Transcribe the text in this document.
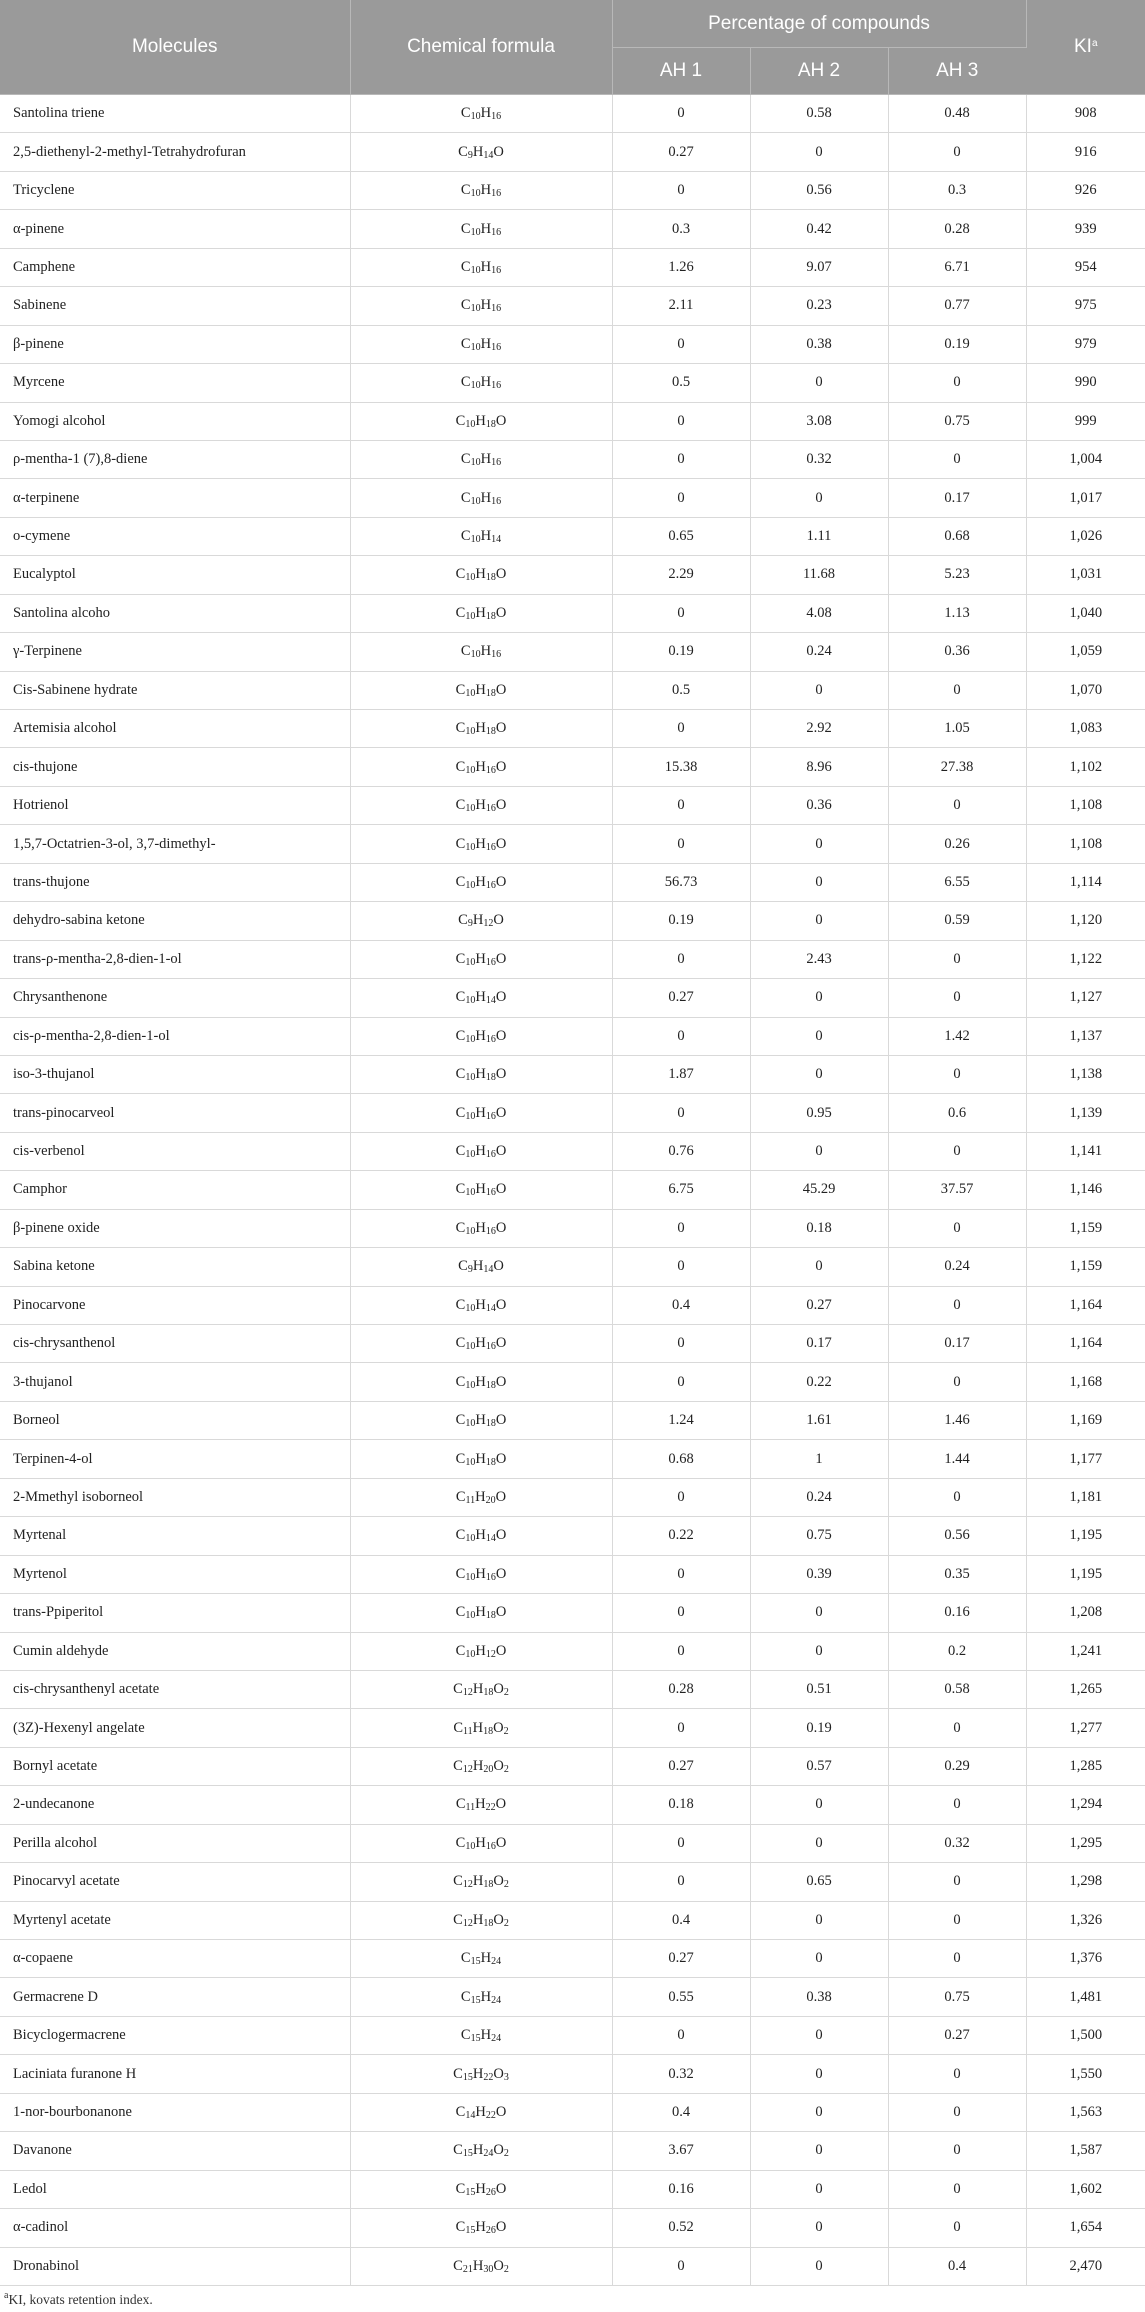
Molecules	Chemical formula	Percentage of compounds			$KI^a$
		AH 1	AH 2	AH 3	
Santolina triene	$C_{10}H_{16}$	0	0.58	0.48	908
2,5-diethenyl-2-methyl-Tetrahydrofuran	$C_9H_{14}O$	0.27	0	0	916
Tricyclene	$C_{10}H_{16}$	0	0.56	0.3	926
α-pinene	$C_{10}H_{16}$	0.3	0.42	0.28	939
Camphene	$C_{10}H_{16}$	1.26	9.07	6.71	954
Sabinene	$C_{10}H_{16}$	2.11	0.23	0.77	975
β-pinene	$C_{10}H_{16}$	0	0.38	0.19	979
Myrcene	$C_{10}H_{16}$	0.5	0	0	990
Yomogi alcohol	$C_{10}H_{18}O$	0	3.08	0.75	999
ρ-mentha-1 (7),8-diene	$C_{10}H_{16}$	0	0.32	0	1,004
α-terpinene	$C_{10}H_{16}$	0	0	0.17	1,017
o-cymene	$C_{10}H_{14}$	0.65	1.11	0.68	1,026
Eucalyptol	$C_{10}H_{18}O$	2.29	11.68	5.23	1,031
Santolina alcoho	$C_{10}H_{18}O$	0	4.08	1.13	1,040
γ-Terpinene	$C_{10}H_{16}$	0.19	0.24	0.36	1,059
Cis-Sabinene hydrate	$C_{10}H_{18}O$	0.5	0	0	1,070
Artemisia alcohol	$C_{10}H_{18}O$	0	2.92	1.05	1,083
cis-thujone	$C_{10}H_{16}O$	15.38	8.96	27.38	1,102
Hotrienol	$C_{10}H_{16}O$	0	0.36	0	1,108
1,5,7-Octatrien-3-ol, 3,7-dimethyl-	$C_{10}H_{16}O$	0	0	0.26	1,108
trans-thujone	$C_{10}H_{16}O$	56.73	0	6.55	1,114
dehydro-sabina ketone	$C_9H_{12}O$	0.19	0	0.59	1,120
trans-ρ-mentha-2,8-dien-1-ol	$C_{10}H_{16}O$	0	2.43	0	1,122
Chrysanthenone	$C_{10}H_{14}O$	0.27	0	0	1,127
cis-ρ-mentha-2,8-dien-1-ol	$C_{10}H_{16}O$	0	0	1.42	1,137
iso-3-thujanol	$C_{10}H_{18}O$	1.87	0	0	1,138
trans-pinocarveol	$C_{10}H_{16}O$	0	0.95	0.6	1,139
cis-verbenol	$C_{10}H_{16}O$	0.76	0	0	1,141
Camphor	$C_{10}H_{16}O$	6.75	45.29	37.57	1,146
β-pinene oxide	$C_{10}H_{16}O$	0	0.18	0	1,159
Sabina ketone	$C_9H_{14}O$	0	0	0.24	1,159
Pinocarvone	$C_{10}H_{14}O$	0.4	0.27	0	1,164
cis-chrysanthenol	$C_{10}H_{16}O$	0	0.17	0.17	1,164
3-thujanol	$C_{10}H_{18}O$	0	0.22	0	1,168
Borneol	$C_{10}H_{18}O$	1.24	1.61	1.46	1,169
Terpinen-4-ol	$C_{10}H_{18}O$	0.68	1	1.44	1,177
2-Mmethyl isoborneol	$C_{11}H_{20}O$	0	0.24	0	1,181
Myrtenal	$C_{10}H_{14}O$	0.22	0.75	0.56	1,195
Myrtenol	$C_{10}H_{16}O$	0	0.39	0.35	1,195
trans-Ppiperitol	$C_{10}H_{18}O$	0	0	0.16	1,208
Cumin aldehyde	$C_{10}H_{12}O$	0	0	0.2	1,241
cis-chrysanthenyl acetate	$C_{12}H_{18}O_2$	0.28	0.51	0.58	1,265
(3Z)-Hexenyl angelate	$C_{11}H_{18}O_2$	0	0.19	0	1,277
Bornyl acetate	$C_{12}H_{20}O_2$	0.27	0.57	0.29	1,285
2-undecanone	$C_{11}H_{22}O$	0.18	0	0	1,294
Perilla alcohol	$C_{10}H_{16}O$	0	0	0.32	1,295
Pinocarvyl acetate	$C_{12}H_{18}O_2$	0	0.65	0	1,298
Myrtenyl acetate	$C_{12}H_{18}O_2$	0.4	0	0	1,326
α-copaene	$C_{15}H_{24}$	0.27	0	0	1,376
Germacrene D	$C_{15}H_{24}$	0.55	0.38	0.75	1,481
Bicyclogermacrene	$C_{15}H_{24}$	0	0	0.27	1,500
Laciniata furanone H	$C_{15}H_{22}O_3$	0.32	0	0	1,550
1-nor-bourbonanone	$C_{14}H_{22}O$	0.4	0	0	1,563
Davanone	$C_{15}H_{24}O_2$	3.67	0	0	1,587
Ledol	$C_{15}H_{26}O$	0.16	0	0	1,602
α-cadinol	$C_{15}H_{26}O$	0.52	0	0	1,654
Dronabinol	$C_{21}H_{30}O_2$	0	0	0.4	2,470
$^a$KI, kovats retention index.
